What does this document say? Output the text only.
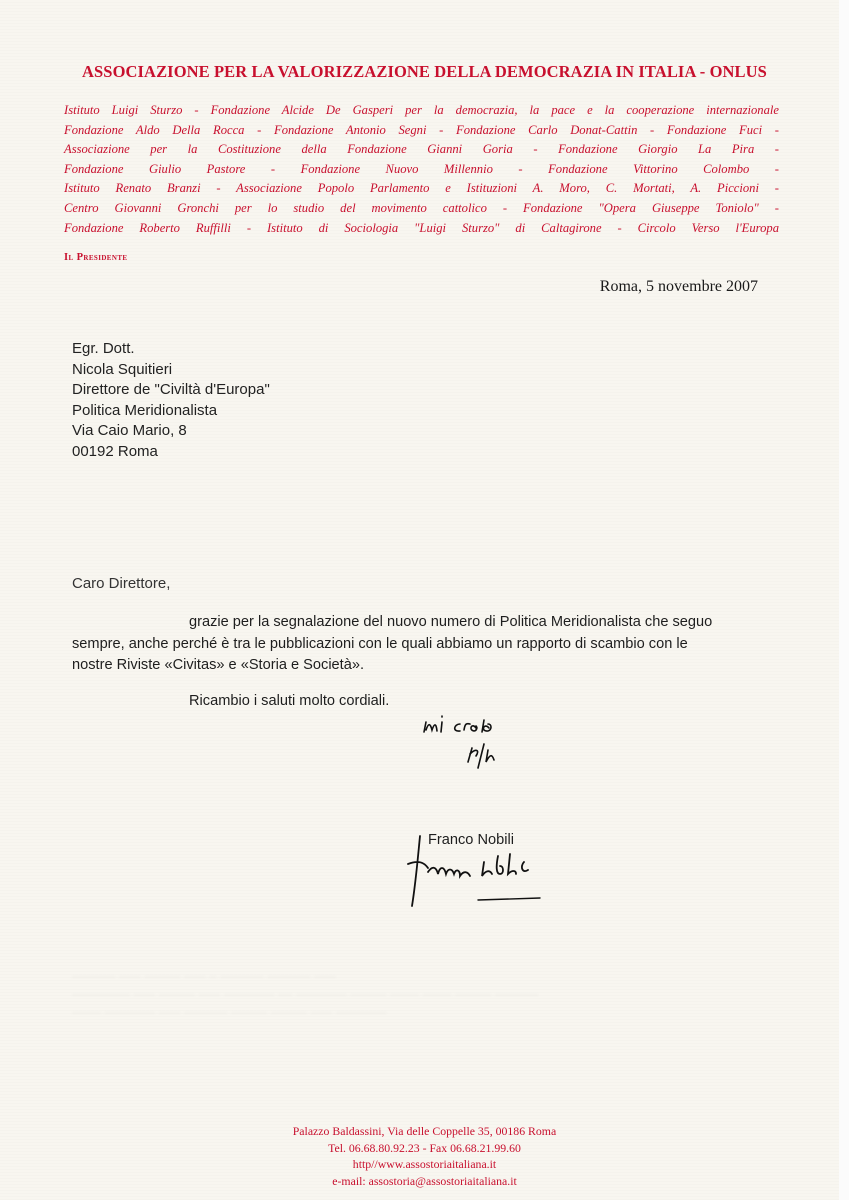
ASSOCIAZIONE PER LA VALORIZZAZIONE DELLA DEMOCRAZIA IN ITALIA - ONLUS
Istituto Luigi Sturzo - Fondazione Alcide De Gasperi per la democrazia, la pace e la cooperazione internazionale
Fondazione Aldo Della Rocca - Fondazione Antonio Segni - Fondazione Carlo Donat-Cattin - Fondazione Fuci -
Associazione per la Costituzione della Fondazione Gianni Goria - Fondazione Giorgio La Pira -
Fondazione Giulio Pastore - Fondazione Nuovo Millennio - Fondazione Vittorino Colombo -
Istituto Renato Branzi - Associazione Popolo Parlamento e Istituzioni A. Moro, C. Mortati, A. Piccioni -
Centro Giovanni Gronchi per lo studio del movimento cattolico - Fondazione "Opera Giuseppe Toniolo" -
Fondazione Roberto Ruffilli - Istituto di Sociologia "Luigi Sturzo" di Caltagirone - Circolo Verso l'Europa
Il Presidente
Roma, 5 novembre 2007
Egr. Dott.
Nicola Squitieri
Direttore de "Civiltà d'Europa"
Politica Meridionalista
Via Caio Mario, 8
00192 Roma
Caro Direttore,
grazie per la segnalazione del nuovo numero di Politica Meridionalista che seguo
sempre, anche perché è tra le pubblicazioni con le quali abbiamo un rapporto di scambio con le
nostre Riviste «Civitas» e «Storia e Società».
Ricambio i saluti molto cordiali.
Franco Nobili
______ ___ _____ ___ _ ______ ______ ___
________ ___ _____ ___ _______ __ _______ _____ ____ ____ _____ ______
____ _______ ___ ______ _____ _____ ___ _______
Palazzo Baldassini, Via delle Coppelle 35, 00186 Roma
Tel. 06.68.80.92.23 - Fax 06.68.21.99.60
http//www.assostoriaitaliana.it
e-mail: assostoria@assostoriaitaliana.it
